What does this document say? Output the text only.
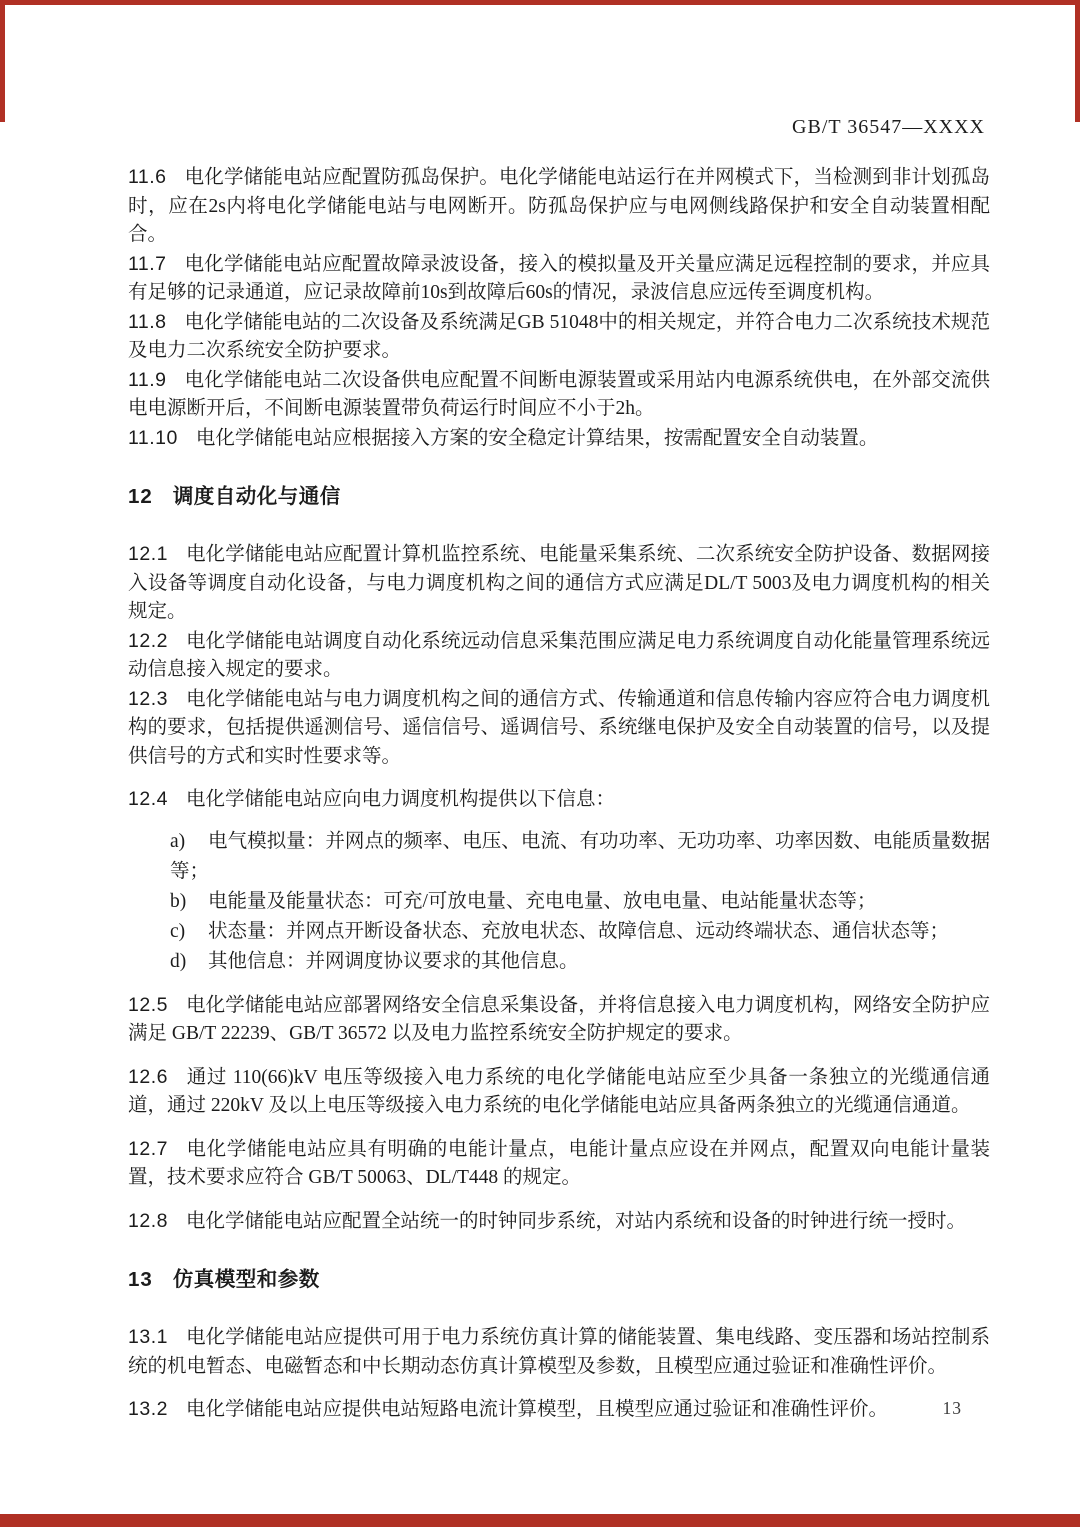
GB/T 36547—XXXX

11.6 电化学储能电站应配置防孤岛保护。电化学储能电站运行在并网模式下，当检测到非计划孤岛时，应在2s内将电化学储能电站与电网断开。防孤岛保护应与电网侧线路保护和安全自动装置相配合。

11.7 电化学储能电站应配置故障录波设备，接入的模拟量及开关量应满足远程控制的要求，并应具有足够的记录通道，应记录故障前10s到故障后60s的情况，录波信息应远传至调度机构。

11.8 电化学储能电站的二次设备及系统满足GB 51048中的相关规定，并符合电力二次系统技术规范及电力二次系统安全防护要求。

11.9 电化学储能电站二次设备供电应配置不间断电源装置或采用站内电源系统供电，在外部交流供电电源断开后，不间断电源装置带负荷运行时间应不小于2h。

11.10 电化学储能电站应根据接入方案的安全稳定计算结果，按需配置安全自动装置。

12 调度自动化与通信

12.1 电化学储能电站应配置计算机监控系统、电能量采集系统、二次系统安全防护设备、数据网接入设备等调度自动化设备，与电力调度机构之间的通信方式应满足DL/T 5003及电力调度机构的相关规定。

12.2 电化学储能电站调度自动化系统远动信息采集范围应满足电力系统调度自动化能量管理系统远动信息接入规定的要求。

12.3 电化学储能电站与电力调度机构之间的通信方式、传输通道和信息传输内容应符合电力调度机构的要求，包括提供遥测信号、遥信信号、遥调信号、系统继电保护及安全自动装置的信号，以及提供信号的方式和实时性要求等。

12.4 电化学储能电站应向电力调度机构提供以下信息：

a) 电气模拟量：并网点的频率、电压、电流、有功功率、无功功率、功率因数、电能质量数据等；
b) 电能量及能量状态：可充/可放电量、充电电量、放电电量、电站能量状态等；
c) 状态量：并网点开断设备状态、充放电状态、故障信息、远动终端状态、通信状态等；
d) 其他信息：并网调度协议要求的其他信息。

12.5 电化学储能电站应部署网络安全信息采集设备，并将信息接入电力调度机构，网络安全防护应满足 GB/T 22239、GB/T 36572 以及电力监控系统安全防护规定的要求。

12.6 通过 110(66)kV 电压等级接入电力系统的电化学储能电站应至少具备一条独立的光缆通信通道，通过 220kV 及以上电压等级接入电力系统的电化学储能电站应具备两条独立的光缆通信通道。

12.7 电化学储能电站应具有明确的电能计量点，电能计量点应设在并网点，配置双向电能计量装置，技术要求应符合 GB/T 50063、DL/T448 的规定。

12.8 电化学储能电站应配置全站统一的时钟同步系统，对站内系统和设备的时钟进行统一授时。

13 仿真模型和参数

13.1 电化学储能电站应提供可用于电力系统仿真计算的储能装置、集电线路、变压器和场站控制系统的机电暂态、电磁暂态和中长期动态仿真计算模型及参数，且模型应通过验证和准确性评价。

13.2 电化学储能电站应提供电站短路电流计算模型，且模型应通过验证和准确性评价。	13
